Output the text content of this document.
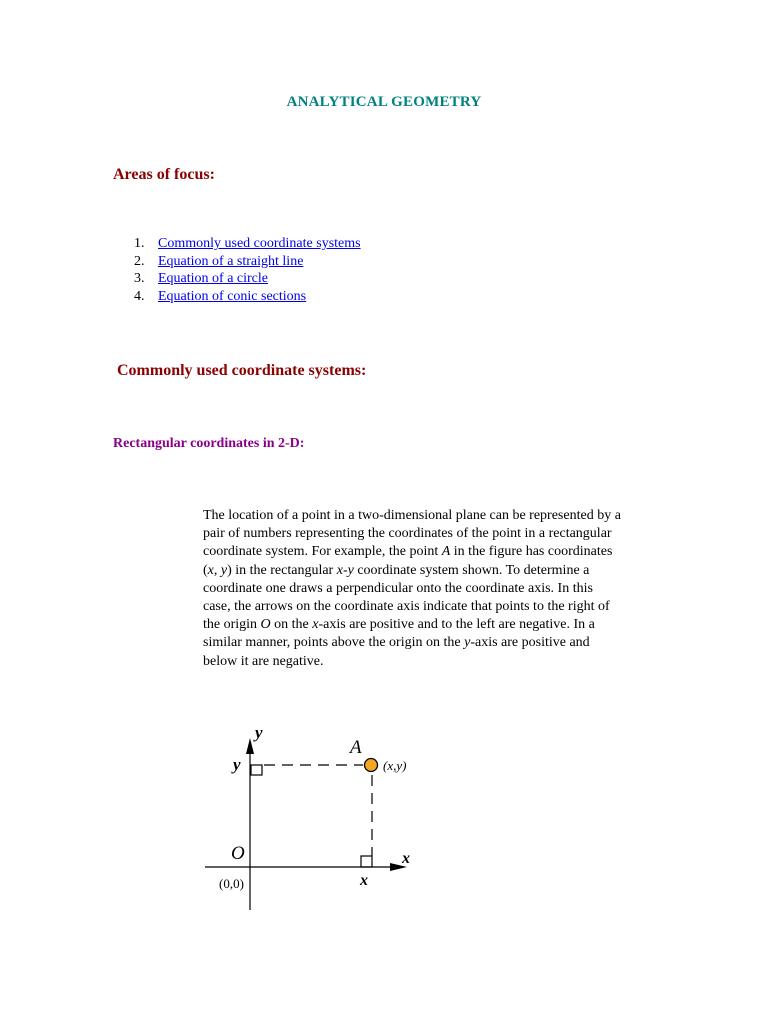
ANALYTICAL GEOMETRY
Areas of focus:
1. Commonly used coordinate systems
2. Equation of a straight line
3. Equation of a circle
4. Equation of conic sections
Commonly used coordinate systems:
Rectangular coordinates in 2-D:

The location of a point in a two-dimensional plane can be represented by a
pair of numbers representing the coordinates of the point in a rectangular
coordinate system. For example, the point A in the figure has coordinates
(x, y) in the rectangular x-y coordinate system shown. To determine a
coordinate one draws a perpendicular onto the coordinate axis. In this
case, the arrows on the coordinate axis indicate that points to the right of
the origin O on the x-axis are positive and to the left are negative. In a
similar manner, points above the origin on the y-axis are positive and
below it are negative.

y
x
A
(x,y)
y
x
O
(0,0)
